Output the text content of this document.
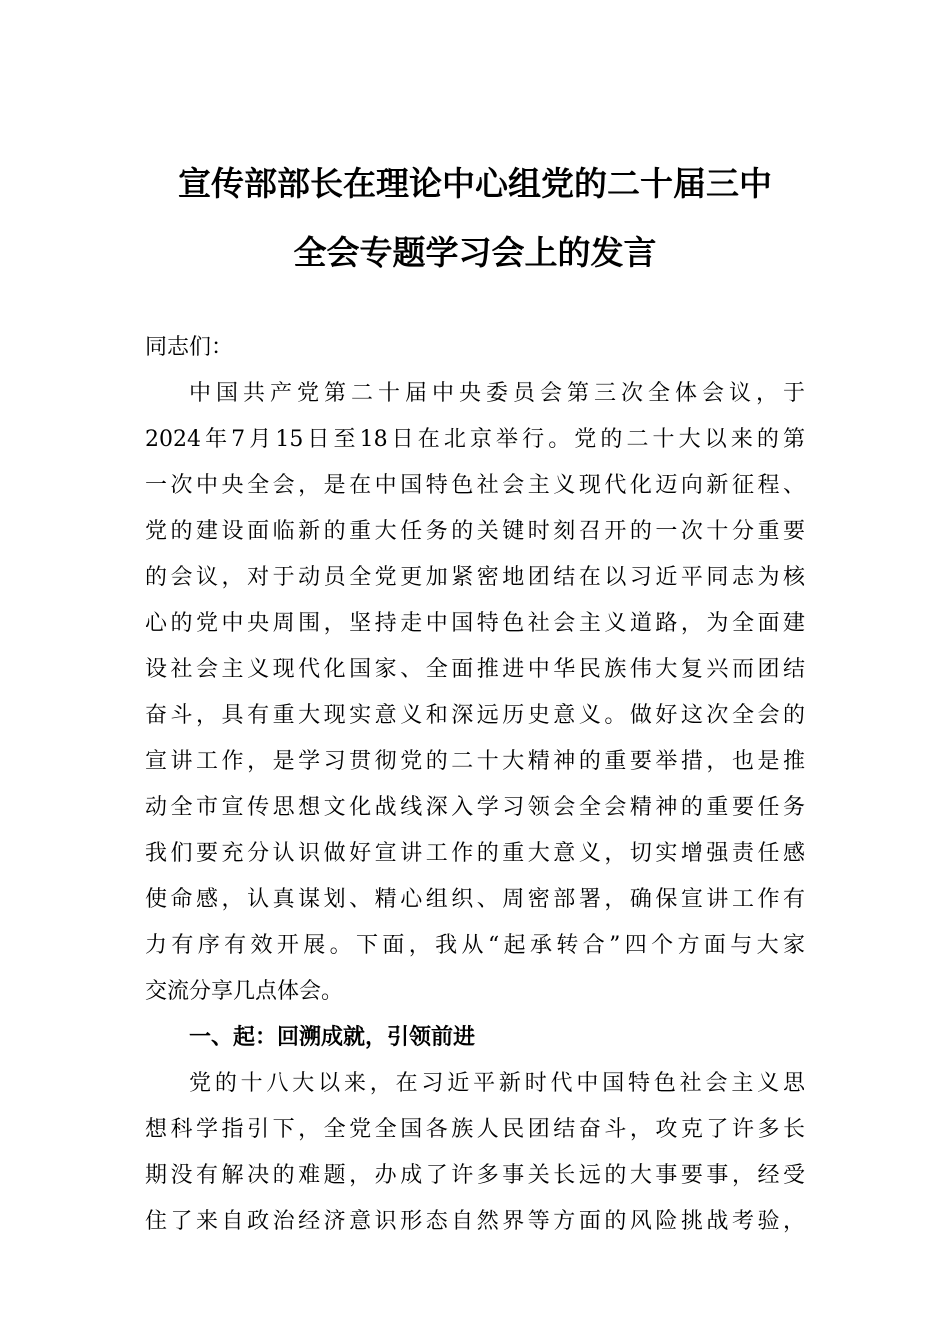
宣传部部长在理论中心组党的二十届三中
全会专题学习会上的发言

同志们：

中国共产党第二十届中央委员会第三次全体会议，于
2024年7月15日至18日在北京举行。党的二十大以来的第
一次中央全会，是在中国特色社会主义现代化迈向新征程、
党的建设面临新的重大任务的关键时刻召开的一次十分重要
的会议，对于动员全党更加紧密地团结在以习近平同志为核
心的党中央周围，坚持走中国特色社会主义道路，为全面建
设社会主义现代化国家、全面推进中华民族伟大复兴而团结
奋斗，具有重大现实意义和深远历史意义。做好这次全会的
宣讲工作，是学习贯彻党的二十大精神的重要举措，也是推
动全市宣传思想文化战线深入学习领会全会精神的重要任务
我们要充分认识做好宣讲工作的重大意义，切实增强责任感
使命感，认真谋划、精心组织、周密部署，确保宣讲工作有
力有序有效开展。下面，我从“起承转合”四个方面与大家
交流分享几点体会。

一、起：回溯成就，引领前进

党的十八大以来，在习近平新时代中国特色社会主义思
想科学指引下，全党全国各族人民团结奋斗，攻克了许多长
期没有解决的难题，办成了许多事关长远的大事要事，经受
住了来自政治经济意识形态自然界等方面的风险挑战考验，
